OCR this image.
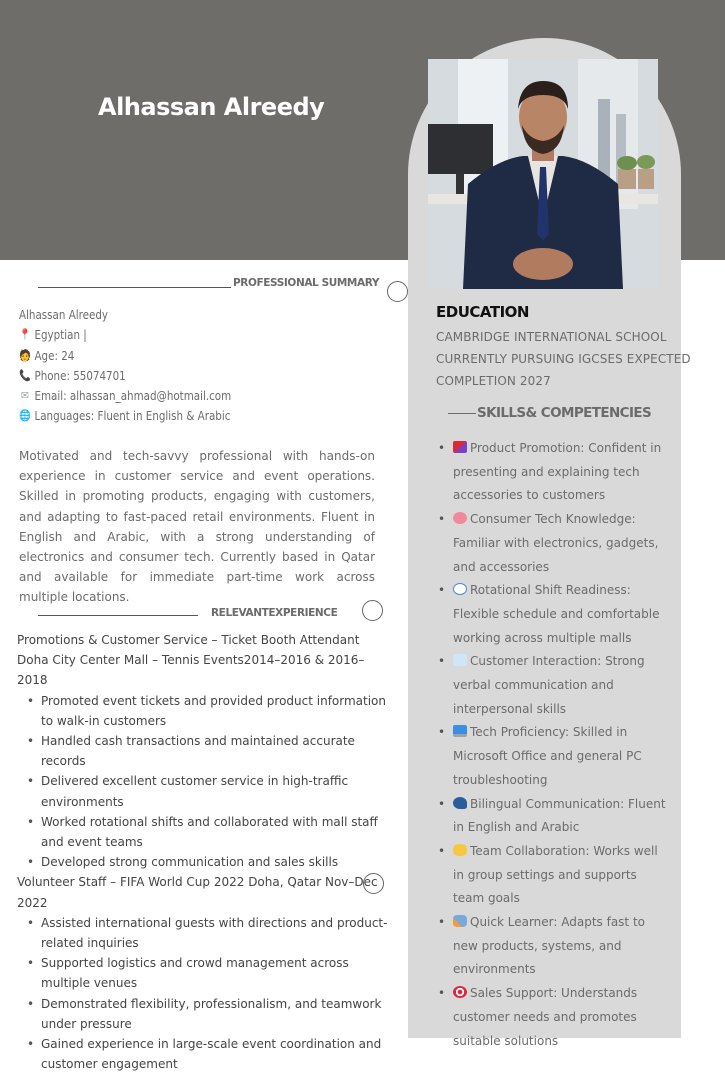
Alhassan Alreedy
PROFESSIONAL SUMMARY
Alhassan Alreedy
📍 Egyptian |
🧑 Age: 24
📞 Phone: 55074701
✉ Email: alhassan_ahmad@hotmail.com
🌐 Languages: Fluent in English & Arabic
Motivated and tech-savvy professional with hands-on experience in customer service and event operations. Skilled in promoting products, engaging with customers, and adapting to fast-paced retail environments. Fluent in English and Arabic, with a strong understanding of electronics and consumer tech. Currently based in Qatar and available for immediate part-time work across multiple locations.
RELEVANTEXPERIENCE
Promotions & Customer Service – Ticket Booth Attendant Doha City Center Mall – Tennis Events2014–2016 & 2016–2018
• Promoted event tickets and provided product information to walk-in customers
• Handled cash transactions and maintained accurate records
• Delivered excellent customer service in high-traffic environments
• Worked rotational shifts and collaborated with mall staff and event teams
• Developed strong communication and sales skills
Volunteer Staff – FIFA World Cup 2022 Doha, Qatar Nov–Dec 2022
• Assisted international guests with directions and product-related inquiries
• Supported logistics and crowd management across multiple venues
• Demonstrated flexibility, professionalism, and teamwork under pressure
• Gained experience in large-scale event coordination and customer engagement
EDUCATION
CAMBRIDGE INTERNATIONAL SCHOOL
CURRENTLY PURSUING IGCSES EXPECTED
COMPLETION 2027
SKILLS& COMPETENCIES
• Product Promotion: Confident in presenting and explaining tech accessories to customers
• Consumer Tech Knowledge: Familiar with electronics, gadgets, and accessories
• Rotational Shift Readiness: Flexible schedule and comfortable working across multiple malls
• Customer Interaction: Strong verbal communication and interpersonal skills
• Tech Proficiency: Skilled in Microsoft Office and general PC troubleshooting
• Bilingual Communication: Fluent in English and Arabic
• Team Collaboration: Works well in group settings and supports team goals
• Quick Learner: Adapts fast to new products, systems, and environments
• Sales Support: Understands customer needs and promotes suitable solutions
